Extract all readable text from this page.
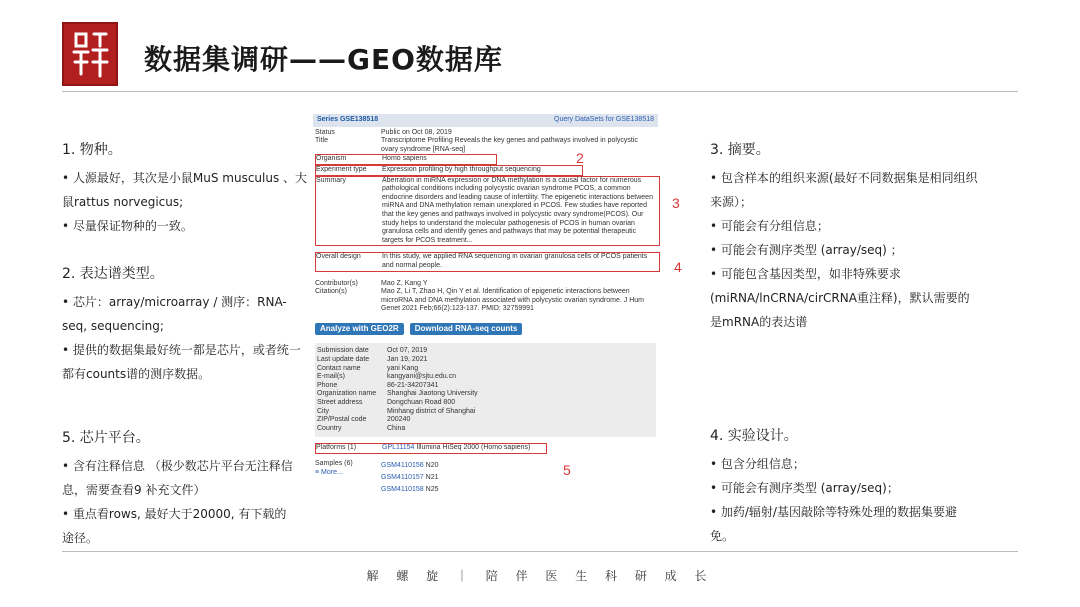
数据集调研——GEO数据库
1. 物种。
• 人源最好，其次是小鼠MuS musculus 、大鼠rattus norvegicus;
• 尽量保证物种的一致。
2. 表达谱类型。
• 芯片：array/microarray / 测序：RNA-seq, sequencing;
• 提供的数据集最好统一都是芯片，或者统一都有counts谱的测序数据。
5. 芯片平台。
• 含有注释信息 （极少数芯片平台无注释信息，需要查看9 补充文件）
• 重点看rows, 最好大于20000, 有下载的途径。
3. 摘要。
• 包含样本的组织来源(最好不同数据集是相同组织来源）；
• 可能会有分组信息；
• 可能会有测序类型 (array/seq) ；
• 可能包含基因类型，如非特殊要求(miRNA/lnCRNA/cirCRNA重注释)，默认需要的是mRNA的表达谱
4. 实验设计。
• 包含分组信息；
• 可能会有测序类型 (array/seq)；
• 加药/辐射/基因敲除等特殊处理的数据集要避免。
Series GSE138518	Query DataSets for GSE138518
Status	Public on Oct 08, 2019
Title	Transcriptome Profiling Reveals the key genes and pathways involved in polycystic ovary syndrome [RNA-seq]
Organism	Homo sapiens
Experiment type	Expression profiling by high throughput sequencing
Summary	Aberration in miRNA expression or DNA methylation is a causal factor for numerous pathological conditions including polycystic ovarian syndrome PCOS, a common endocrine disorders and leading cause of infertility. The epigenetic interactions between miRNA and DNA methylation remain unexplored in PCOS. Few studies have reported that the key genes and pathways involved in polycystic ovary syndrome(PCOS). Our study helps to understand the molecular pathogenesis of PCOS in human ovarian granulosa cells and identify genes and pathways that may be potential therapeutic targets for PCOS treatment...
Overall design	In this study, we applied RNA sequencing in ovarian granulosa cells of PCOS patients and normal people.
Contributor(s)	Mao Z, Kang Y
Citation(s)	Mao Z, Li T, Zhao H, Qin Y et al. Identification of epigenetic interactions between microRNA and DNA methylation associated with polycystic ovarian syndrome. J Hum Genet 2021 Feb;66(2):123-137. PMID: 32759991
Analyze with GEO2R	Download RNA-seq counts
Submission date	Oct 07, 2019
Last update date	Jan 19, 2021
Contact name	yani Kang
E-mail(s)	kangyani@sjtu.edu.cn
Phone	86-21-34207341
Organization name	Shanghai Jiaotong University
Street address	Dongchuan Road 800
City	Minhang district of Shanghai
ZIP/Postal code	200240
Country	China
Platforms (1)	GPL11154 Illumina HiSeq 2000 (Homo sapiens)
Samples (6)
≡ More...
GSM4110156 N20
GSM4110157 N21
GSM4110158 N25
2
3
4
5
解 螺 旋 ｜ 陪 伴 医 生 科 研 成 长
